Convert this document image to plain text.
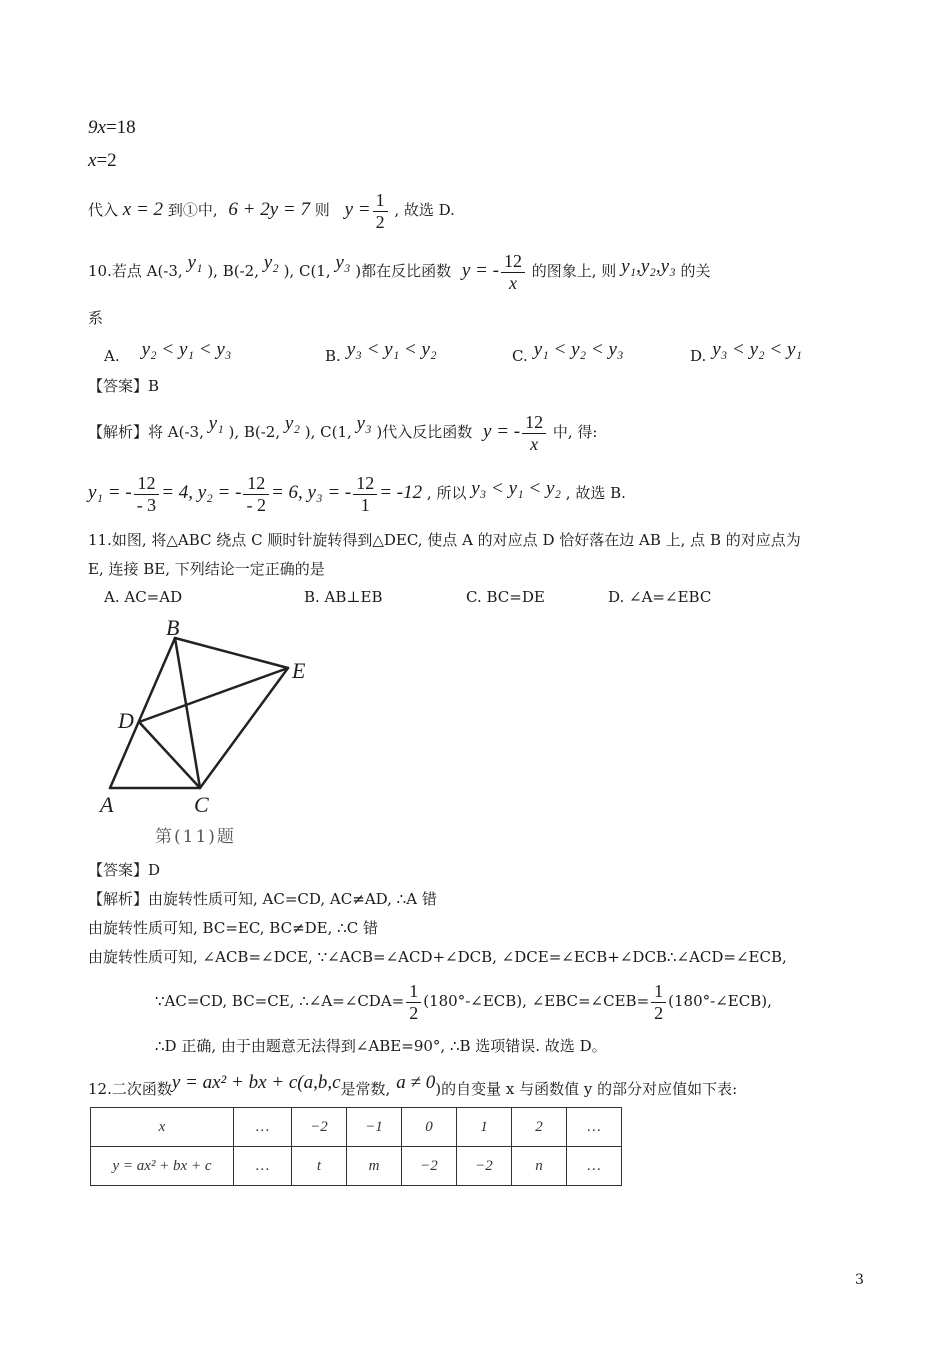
9x=18
x=2
代入 x = 2 到①中, 6 + 2y = 7 则 $y = \frac{1}{2}$ , 故选 D.
10.若点 A(-3, y₁ ), B(-2, y₂ ), C(1, y₃ )都在反比函数 y = - $\frac{12}{x}$ 的图象上, 则 y₁,y₂,y₃ 的关
系
A. y₂ < y₁ < y₃	B. y₃ < y₁ < y₂	C. y₁ < y₂ < y₃	D. y₃ < y₂ < y₁
【答案】B
【解析】将 A(-3, y₁ ), B(-2, y₂ ), C(1, y₃ )代入反比函数 y = - $\frac{12}{x}$ 中, 得:
y₁ = - $\frac{12}{- 3} = 4$, y₂ = - $\frac{12}{- 2} = 6$, y₃ = - $\frac{12}{1} = -12$ , 所以 y₃ < y₁ < y₂ , 故选 B.
11.如图, 将△ABC 绕点 C 顺时针旋转得到△DEC, 使点 A 的对应点 D 恰好落在边 AB 上, 点 B 的对应点为
E, 连接 BE, 下列结论一定正确的是
A. AC=AD	B. AB⊥EB	C. BC=DE	D. ∠A=∠EBC
B
E
D
A	C
第(11)题
【答案】D
【解析】由旋转性质可知, AC=CD, AC≠AD, ∴A 错
由旋转性质可知, BC=EC, BC≠DE, ∴C 错
由旋转性质可知, ∠ACB=∠DCE, ∵∠ACB=∠ACD+∠DCB, ∠DCE=∠ECB+∠DCB∴∠ACD=∠ECB,
∵AC=CD, BC=CE, ∴∠A=∠CDA= $\frac{1}{2}$ (180°-∠ECB), ∠EBC=∠CEB= $\frac{1}{2}$ (180°-∠ECB),
∴D 正确, 由于由题意无法得到∠ABE=90°, ∴B 选项错误. 故选 D。
12.二次函数y = ax² + bx + c(a,b,c是常数, a ≠ 0)的自变量 x 与函数值 y 的部分对应值如下表:
x	…	−2	−1	0	1	2	…
y = ax² + bx + c	…	t	m	−2	−2	n	…
3
